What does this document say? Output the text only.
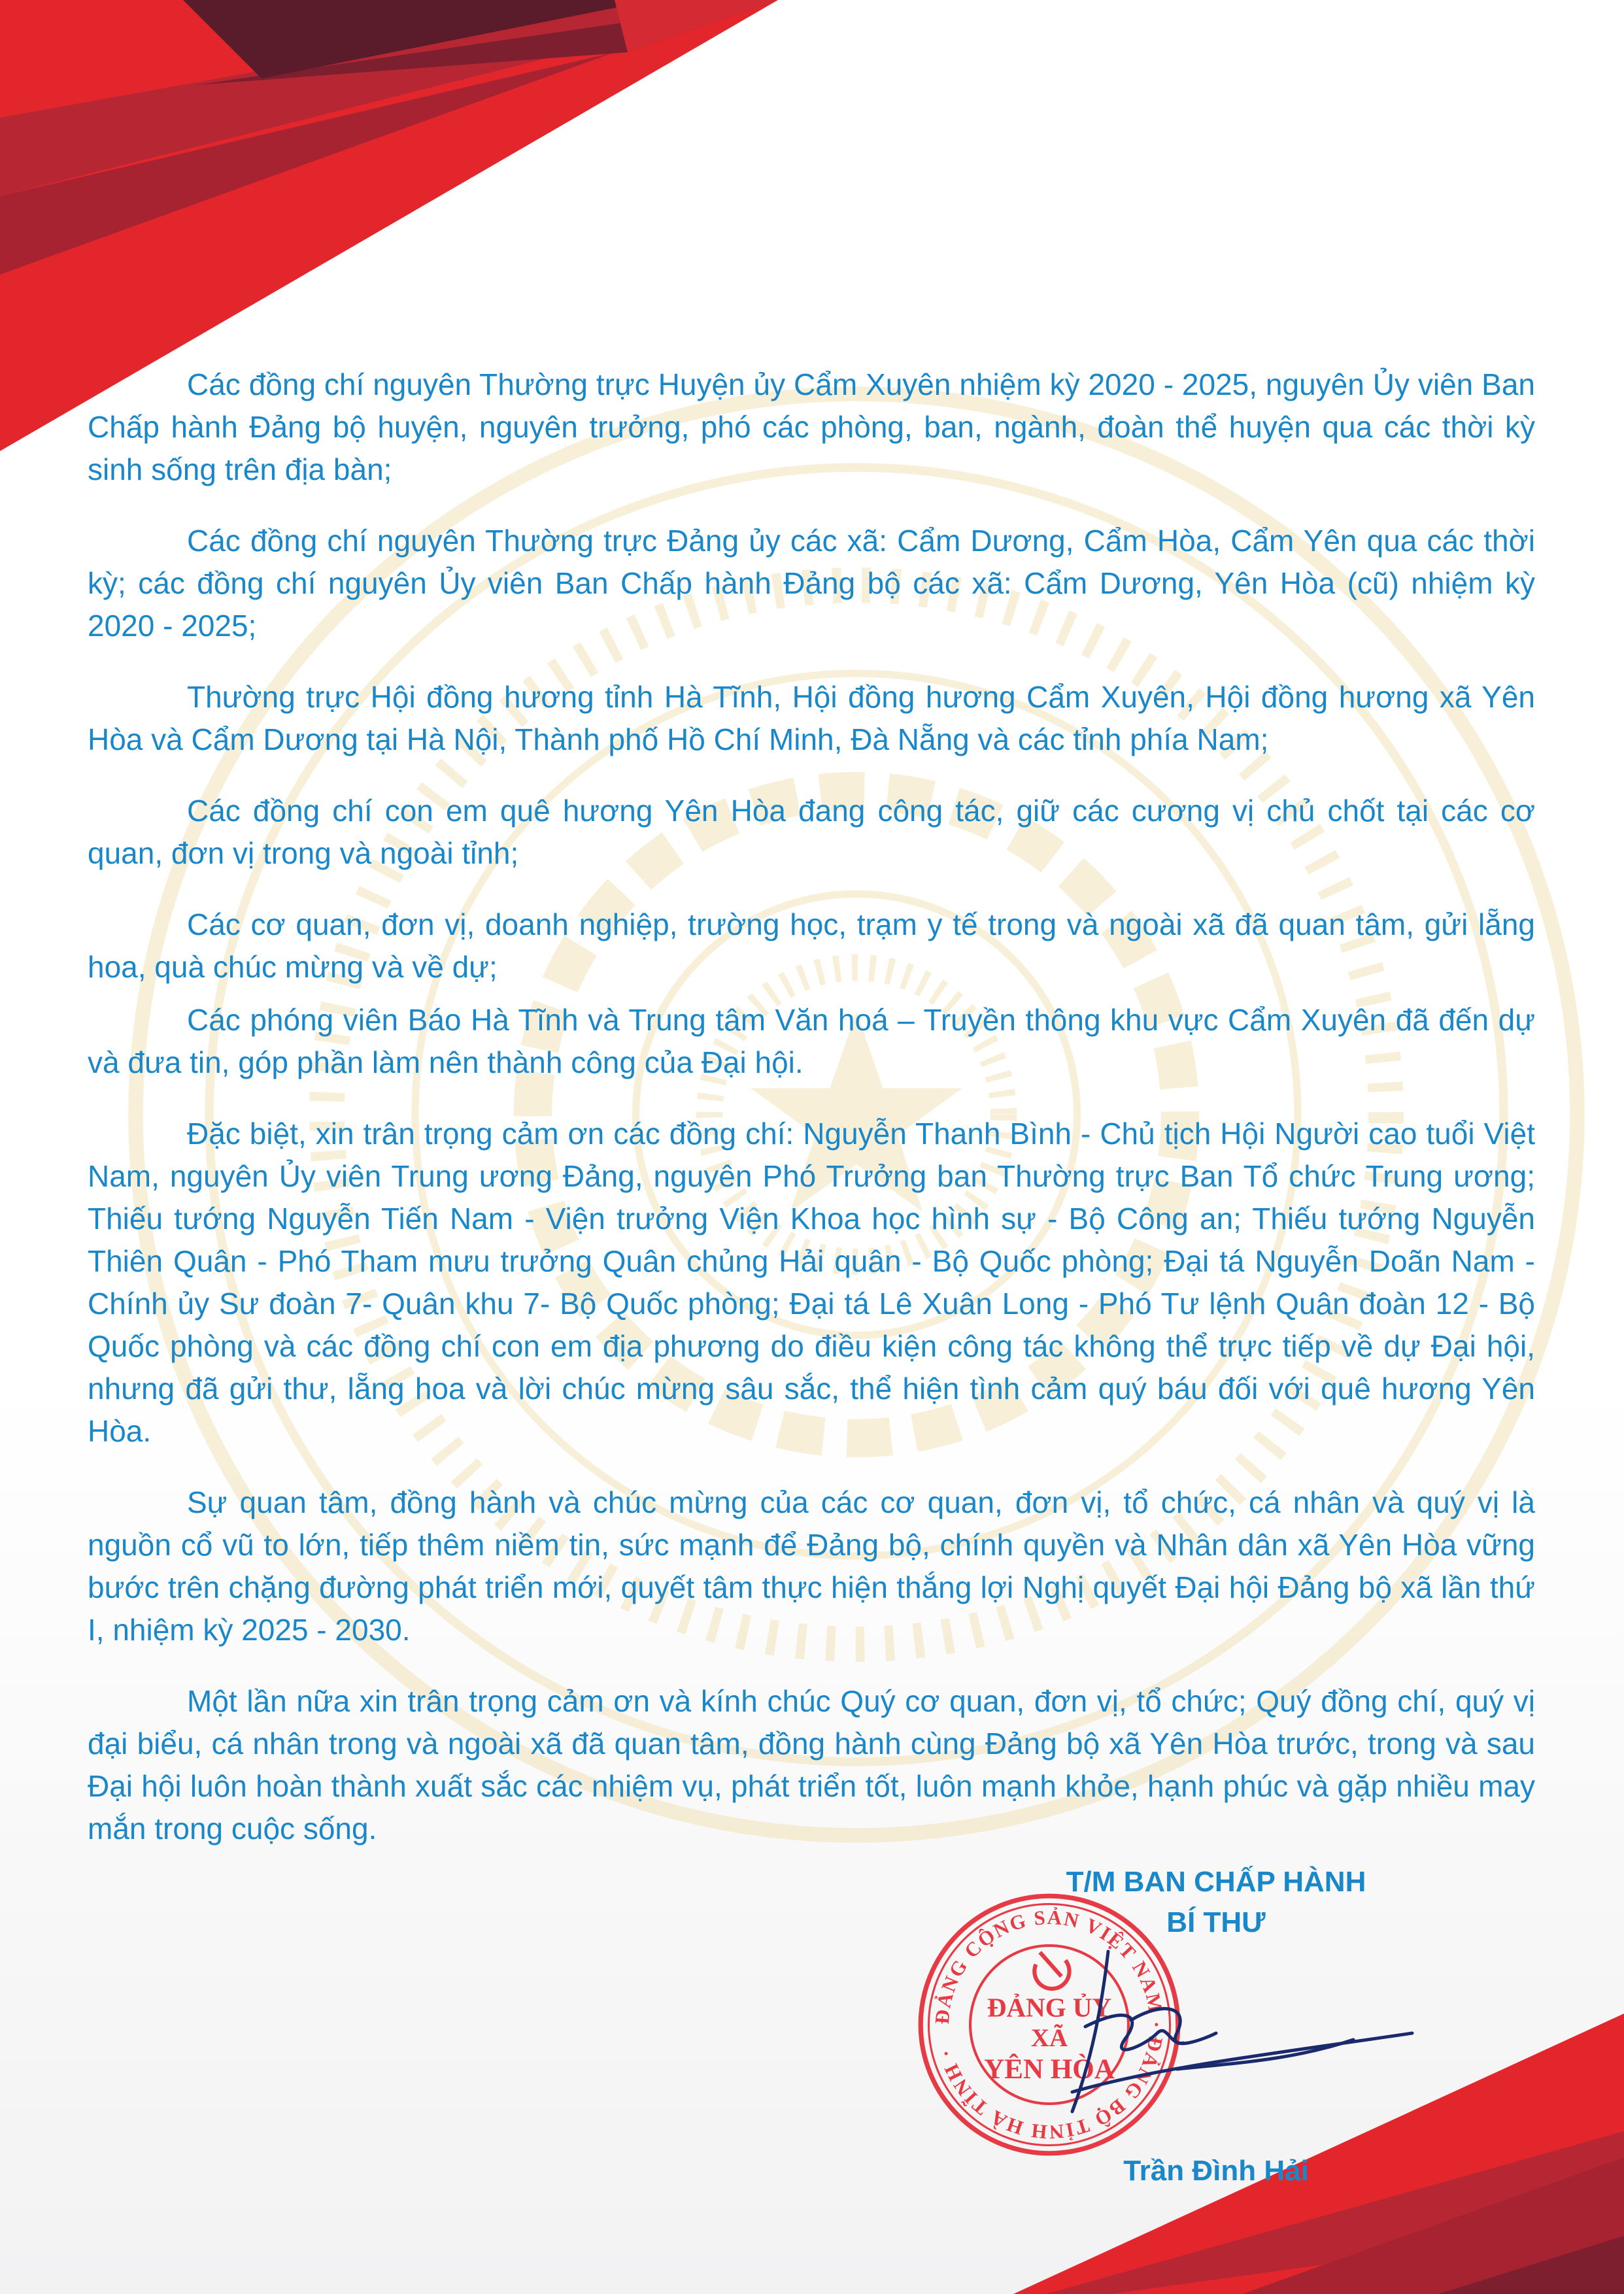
Các đồng chí nguyên Thường trực Huyện ủy Cẩm Xuyên nhiệm kỳ 2020 - 2025, nguyên Ủy viên Ban Chấp hành Đảng bộ huyện, nguyên trưởng, phó các phòng, ban, ngành, đoàn thể huyện qua các thời kỳ sinh sống trên địa bàn;

Các đồng chí nguyên Thường trực Đảng ủy các xã: Cẩm Dương, Cẩm Hòa, Cẩm Yên qua các thời kỳ; các đồng chí nguyên Ủy viên Ban Chấp hành Đảng bộ các xã: Cẩm Dương, Yên Hòa (cũ) nhiệm kỳ 2020 - 2025;

Thường trực Hội đồng hương tỉnh Hà Tĩnh, Hội đồng hương Cẩm Xuyên, Hội đồng hương xã Yên Hòa và Cẩm Dương tại Hà Nội, Thành phố Hồ Chí Minh, Đà Nẵng và các tỉnh phía Nam;

Các đồng chí con em quê hương Yên Hòa đang công tác, giữ các cương vị chủ chốt tại các cơ quan, đơn vị trong và ngoài tỉnh;

Các cơ quan, đơn vị, doanh nghiệp, trường học, trạm y tế trong và ngoài xã đã quan tâm, gửi lẵng hoa, quà chúc mừng và về dự;

Các phóng viên Báo Hà Tĩnh và Trung tâm Văn hoá – Truyền thông khu vực Cẩm Xuyên đã đến dự và đưa tin, góp phần làm nên thành công của Đại hội.

Đặc biệt, xin trân trọng cảm ơn các đồng chí: Nguyễn Thanh Bình - Chủ tịch Hội Người cao tuổi Việt Nam, nguyên Ủy viên Trung ương Đảng, nguyên Phó Trưởng ban Thường trực Ban Tổ chức Trung ương; Thiếu tướng Nguyễn Tiến Nam - Viện trưởng Viện Khoa học hình sự - Bộ Công an; Thiếu tướng Nguyễn Thiên Quân - Phó Tham mưu trưởng Quân chủng Hải quân - Bộ Quốc phòng; Đại tá Nguyễn Doãn Nam - Chính ủy Sư đoàn 7- Quân khu 7- Bộ Quốc phòng; Đại tá Lê Xuân Long - Phó Tư lệnh Quân đoàn 12 - Bộ Quốc phòng và các đồng chí con em địa phương do điều kiện công tác không thể trực tiếp về dự Đại hội, nhưng đã gửi thư, lẵng hoa và lời chúc mừng sâu sắc, thể hiện tình cảm quý báu đối với quê hương Yên Hòa.

Sự quan tâm, đồng hành và chúc mừng của các cơ quan, đơn vị, tổ chức, cá nhân và quý vị là nguồn cổ vũ to lớn, tiếp thêm niềm tin, sức mạnh để Đảng bộ, chính quyền và Nhân dân xã Yên Hòa vững bước trên chặng đường phát triển mới, quyết tâm thực hiện thắng lợi Nghị quyết Đại hội Đảng bộ xã lần thứ I, nhiệm kỳ 2025 - 2030.

Một lần nữa xin trân trọng cảm ơn và kính chúc Quý cơ quan, đơn vị, tổ chức; Quý đồng chí, quý vị đại biểu, cá nhân trong và ngoài xã đã quan tâm, đồng hành cùng Đảng bộ xã Yên Hòa trước, trong và sau Đại hội luôn hoàn thành xuất sắc các nhiệm vụ, phát triển tốt, luôn mạnh khỏe, hạnh phúc và gặp nhiều may mắn trong cuộc sống.

T/M BAN CHẤP HÀNH
BÍ THƯ
ĐẢNG CỘNG SẢN VIỆT NAM · ĐẢNG BỘ TỈNH HÀ TĨNH ·
ĐẢNG ỦY
XÃ
YÊN HÒA
Trần Đình Hải
